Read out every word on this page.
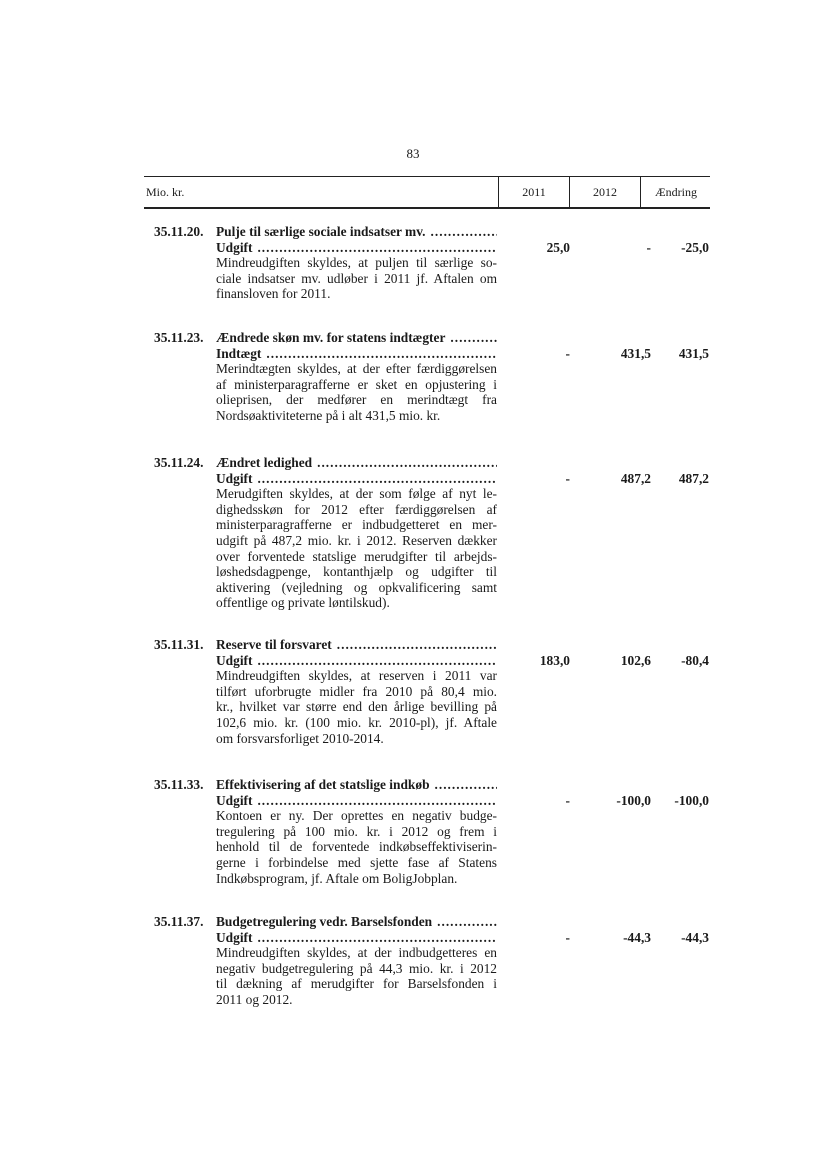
83
Mio. kr.	2011	2012	Ændring
35.11.20. Pulje til særlige sociale indsatser mv.
.....
Udgift
.....
Mindreudgiften skyldes, at puljen til særlige so-
ciale indsatser mv. udløber i 2011 jf. Aftalen om
finansloven for 2011.
25,0	-	-25,0
35.11.23. Ændrede skøn mv. for statens indtægter
.....
Indtægt
.....
Merindtægten skyldes, at der efter færdiggørelsen
af ministerparagrafferne er sket en opjustering i
olieprisen, der medfører en merindtægt fra
Nordsøaktiviteterne på i alt 431,5 mio. kr.
-	431,5	431,5
35.11.24. Ændret ledighed
.....
Udgift
.....
Merudgiften skyldes, at der som følge af nyt le-
dighedsskøn for 2012 efter færdiggørelsen af
ministerparagrafferne er indbudgetteret en mer-
udgift på 487,2 mio. kr. i 2012. Reserven dækker
over forventede statslige merudgifter til arbejds-
løshedsdagpenge, kontanthjælp og udgifter til
aktivering (vejledning og opkvalificering samt
offentlige og private løntilskud).
-	487,2	487,2
35.11.31. Reserve til forsvaret
.....
Udgift
.....
Mindreudgiften skyldes, at reserven i 2011 var
tilført uforbrugte midler fra 2010 på 80,4 mio.
kr., hvilket var større end den årlige bevilling på
102,6 mio. kr. (100 mio. kr. 2010-pl), jf. Aftale
om forsvarsforliget 2010-2014.
183,0	102,6	-80,4
35.11.33. Effektivisering af det statslige indkøb
.....
Udgift
.....
Kontoen er ny. Der oprettes en negativ budge-
tregulering på 100 mio. kr. i 2012 og frem i
henhold til de forventede indkøbseffektiviserin-
gerne i forbindelse med sjette fase af Statens
Indkøbsprogram, jf. Aftale om BoligJobplan.
-	-100,0	-100,0
35.11.37. Budgetregulering vedr. Barselsfonden
.....
Udgift
.....
Mindreudgiften skyldes, at der indbudgetteres en
negativ budgetregulering på 44,3 mio. kr. i 2012
til dækning af merudgifter for Barselsfonden i
2011 og 2012.
-	-44,3	-44,3
